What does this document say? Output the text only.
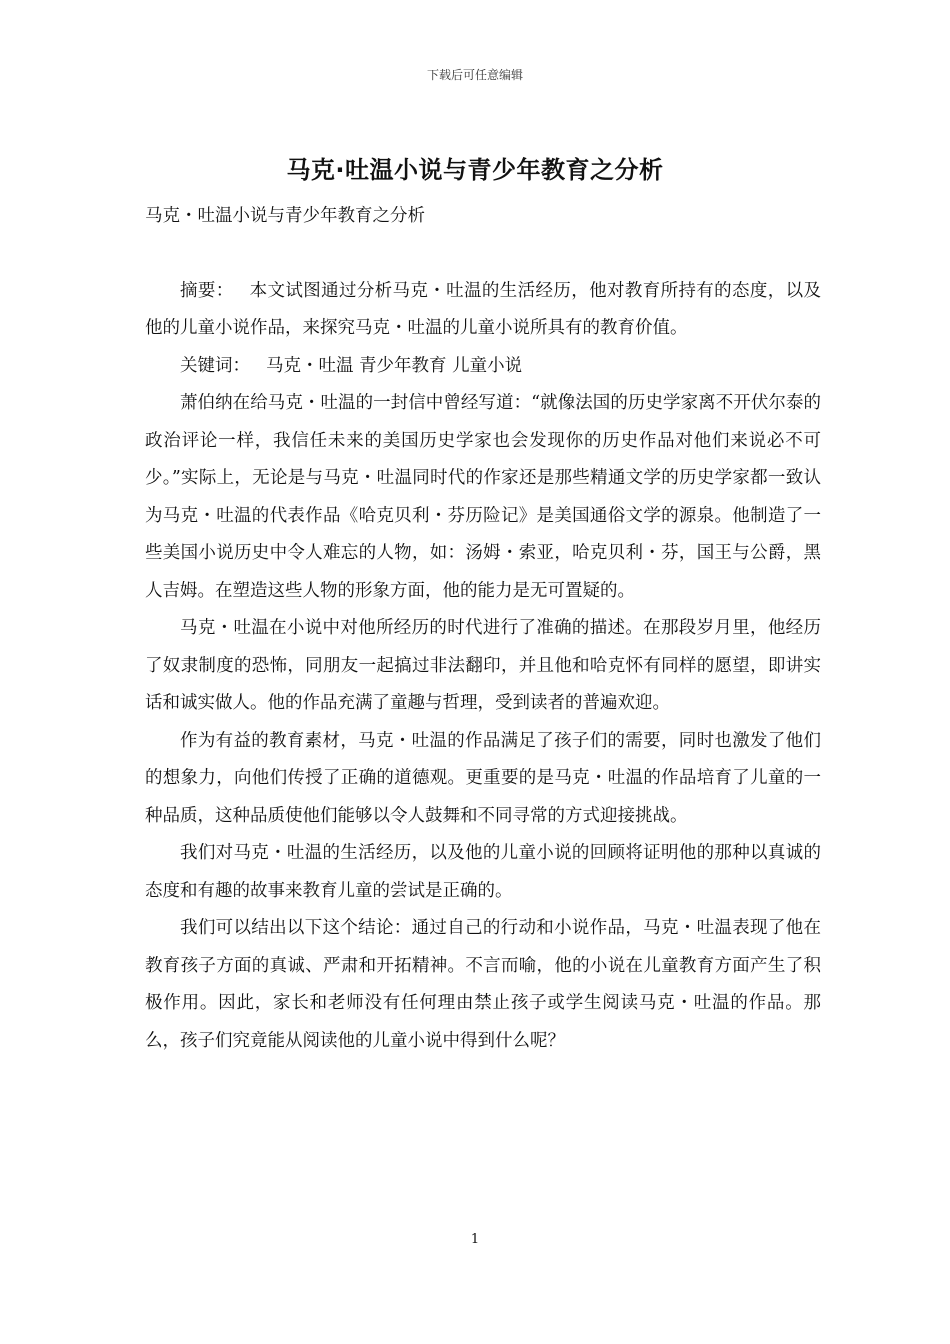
下载后可任意编辑
马克·吐温小说与青少年教育之分析

马克・吐温小说与青少年教育之分析

摘要： 本文试图通过分析马克・吐温的生活经历，他对教育所持有的态度，以及他的儿童小说作品，来探究马克・吐温的儿童小说所具有的教育价值。

关键词： 马克・吐温 青少年教育 儿童小说

萧伯纳在给马克・吐温的一封信中曾经写道：“就像法国的历史学家离不开伏尔泰的政治评论一样，我信任未来的美国历史学家也会发现你的历史作品对他们来说必不可少。”实际上，无论是与马克・吐温同时代的作家还是那些精通文学的历史学家都一致认为马克・吐温的代表作品《哈克贝利・芬历险记》是美国通俗文学的源泉。他制造了一些美国小说历史中令人难忘的人物，如：汤姆・索亚，哈克贝利・芬，国王与公爵，黑人吉姆。在塑造这些人物的形象方面，他的能力是无可置疑的。

马克・吐温在小说中对他所经历的时代进行了准确的描述。在那段岁月里，他经历了奴隶制度的恐怖，同朋友一起搞过非法翻印，并且他和哈克怀有同样的愿望，即讲实话和诚实做人。他的作品充满了童趣与哲理，受到读者的普遍欢迎。

作为有益的教育素材，马克・吐温的作品满足了孩子们的需要，同时也激发了他们的想象力，向他们传授了正确的道德观。更重要的是马克・吐温的作品培育了儿童的一种品质，这种品质使他们能够以令人鼓舞和不同寻常的方式迎接挑战。

我们对马克・吐温的生活经历，以及他的儿童小说的回顾将证明他的那种以真诚的态度和有趣的故事来教育儿童的尝试是正确的。

我们可以结出以下这个结论：通过自己的行动和小说作品，马克・吐温表现了他在教育孩子方面的真诚、严肃和开拓精神。不言而喻，他的小说在儿童教育方面产生了积极作用。因此，家长和老师没有任何理由禁止孩子或学生阅读马克・吐温的作品。那么，孩子们究竟能从阅读他的儿童小说中得到什么呢？

1
